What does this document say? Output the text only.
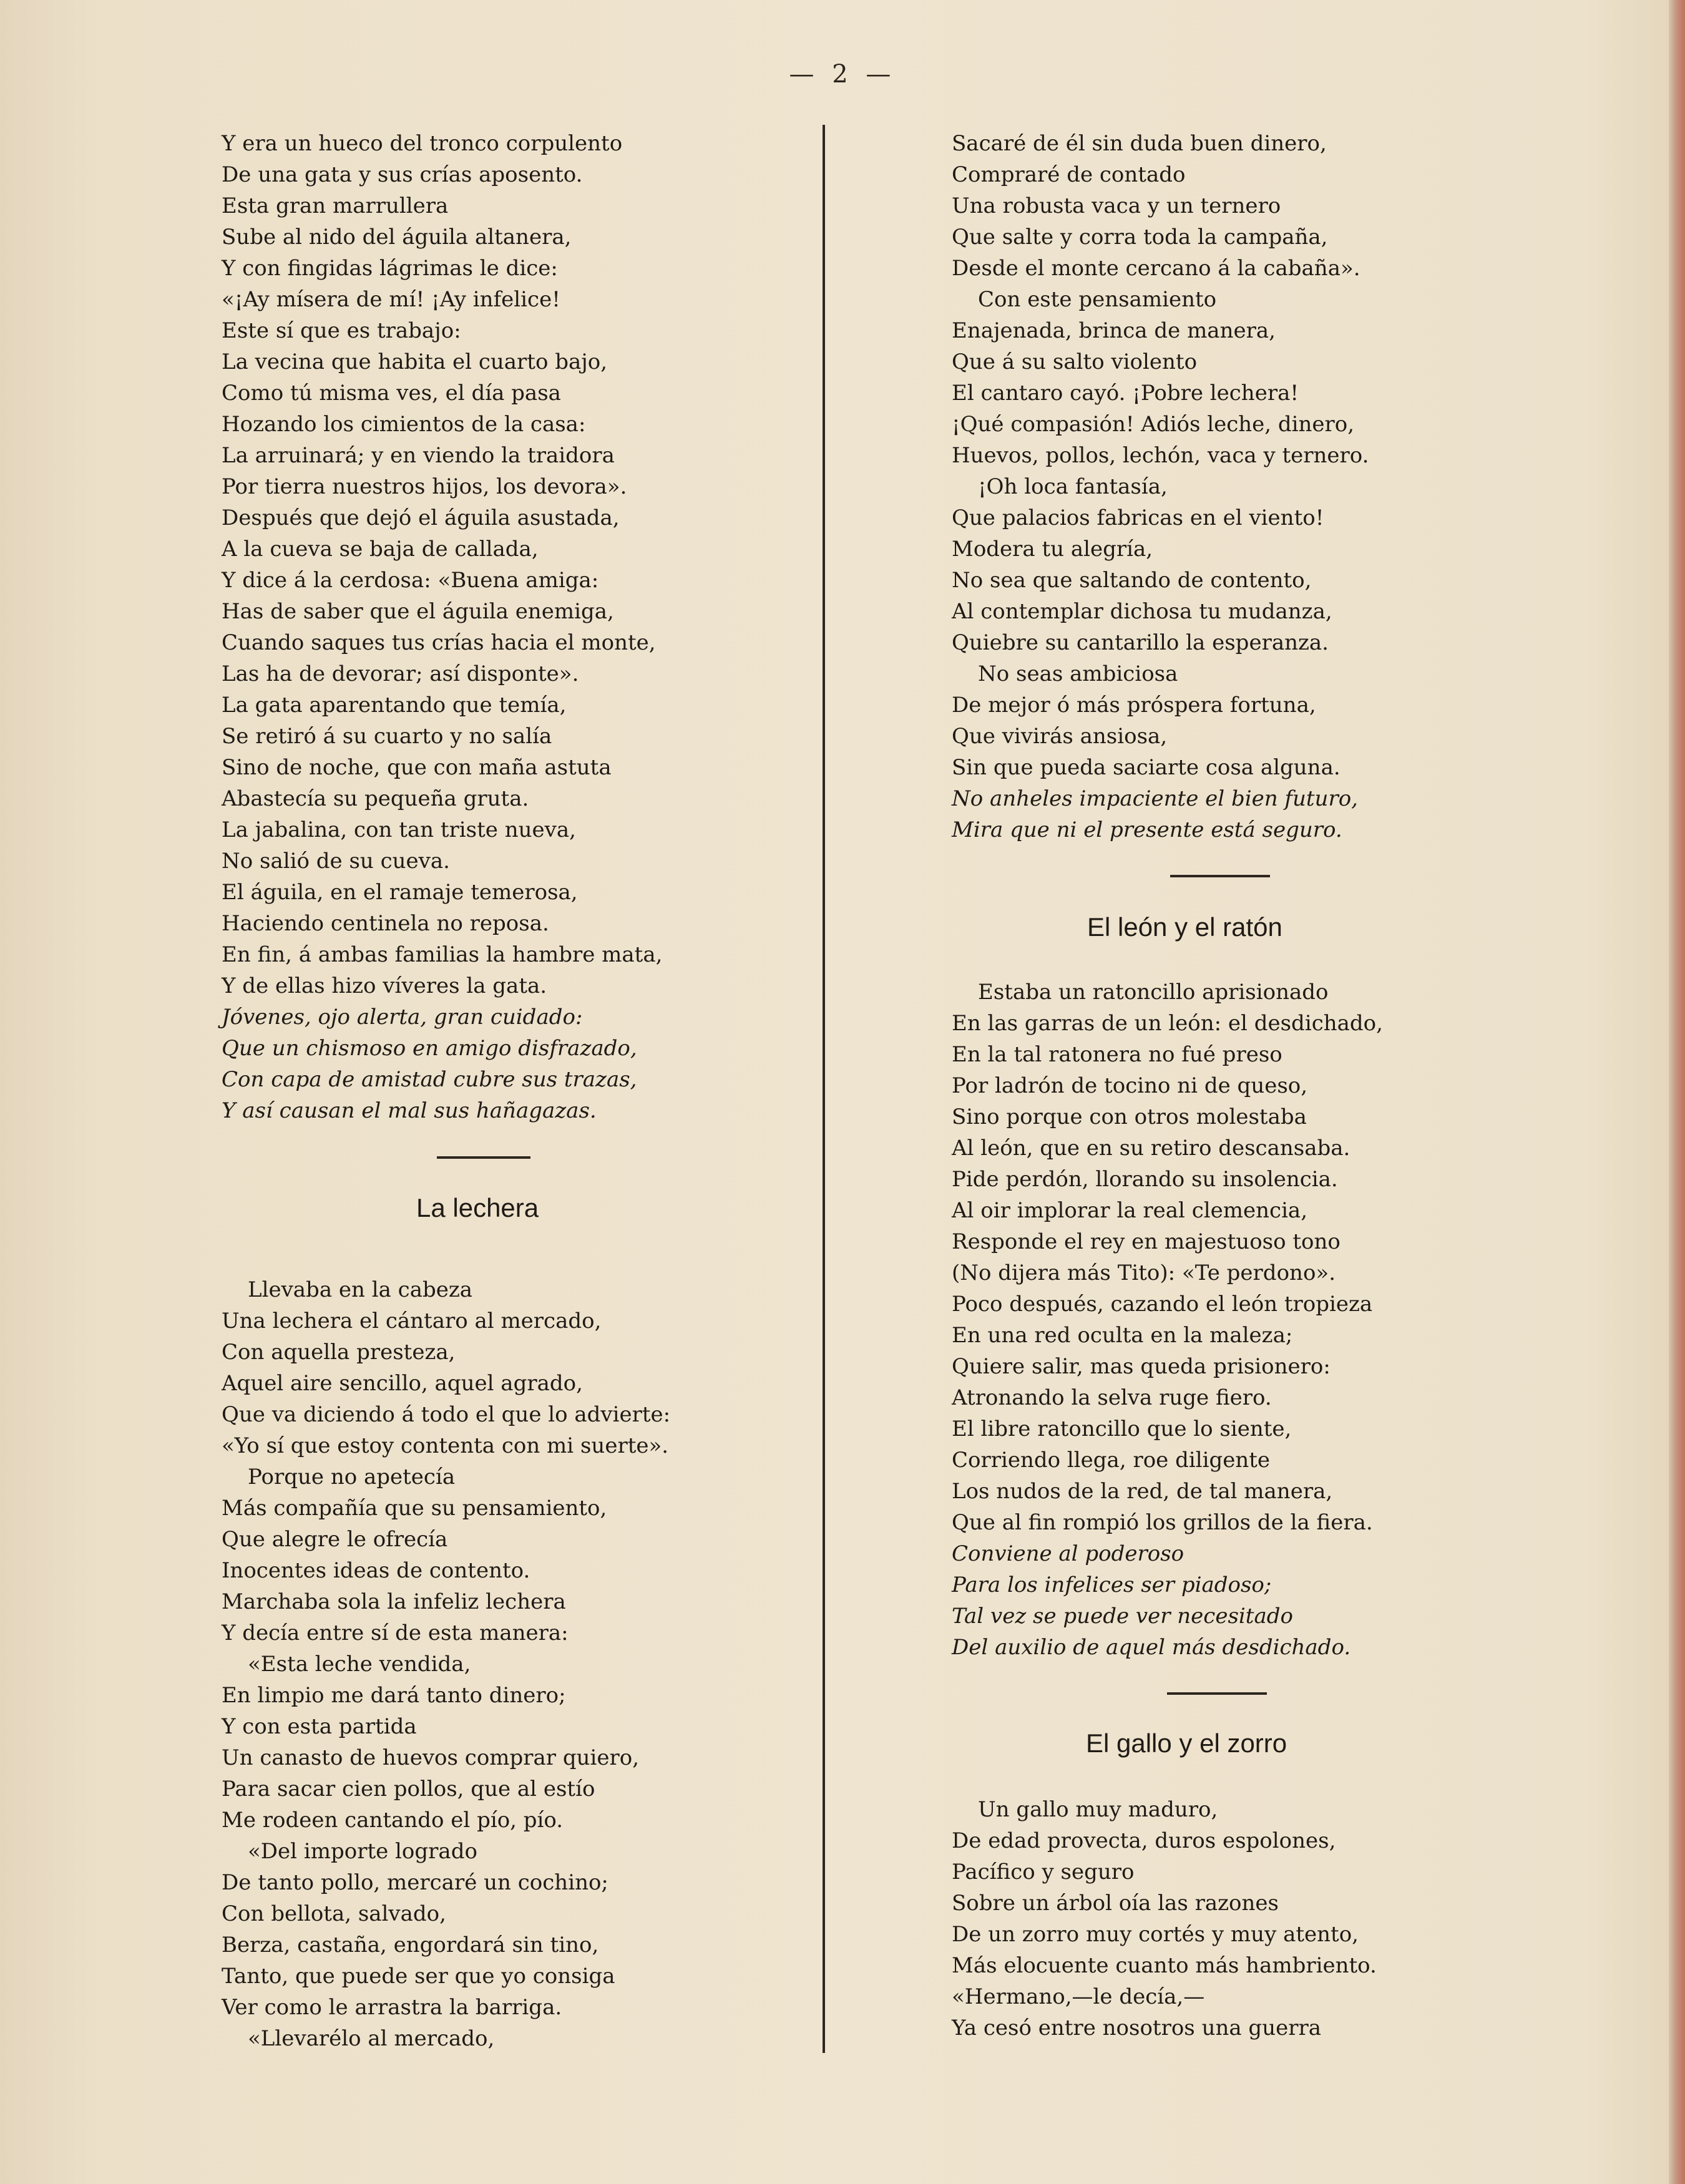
— 2 —
Y era un hueco del tronco corpulento
De una gata y sus crías aposento.
Esta gran marrullera
Sube al nido del águila altanera,
Y con fingidas lágrimas le dice:
«¡Ay mísera de mí! ¡Ay infelice!
Este sí que es trabajo:
La vecina que habita el cuarto bajo,
Como tú misma ves, el día pasa
Hozando los cimientos de la casa:
La arruinará; y en viendo la traidora
Por tierra nuestros hijos, los devora».
Después que dejó el águila asustada,
A la cueva se baja de callada,
Y dice á la cerdosa: «Buena amiga:
Has de saber que el águila enemiga,
Cuando saques tus crías hacia el monte,
Las ha de devorar; así disponte».
La gata aparentando que temía,
Se retiró á su cuarto y no salía
Sino de noche, que con maña astuta
Abastecía su pequeña gruta.
La jabalina, con tan triste nueva,
No salió de su cueva.
El águila, en el ramaje temerosa,
Haciendo centinela no reposa.
En fin, á ambas familias la hambre mata,
Y de ellas hizo víveres la gata.
Jóvenes, ojo alerta, gran cuidado:
Que un chismoso en amigo disfrazado,
Con capa de amistad cubre sus trazas,
Y así causan el mal sus hañagazas.
La lechera
Llevaba en la cabeza
Una lechera el cántaro al mercado,
Con aquella presteza,
Aquel aire sencillo, aquel agrado,
Que va diciendo á todo el que lo advierte:
«Yo sí que estoy contenta con mi suerte».
Porque no apetecía
Más compañía que su pensamiento,
Que alegre le ofrecía
Inocentes ideas de contento.
Marchaba sola la infeliz lechera
Y decía entre sí de esta manera:
«Esta leche vendida,
En limpio me dará tanto dinero;
Y con esta partida
Un canasto de huevos comprar quiero,
Para sacar cien pollos, que al estío
Me rodeen cantando el pío, pío.
«Del importe logrado
De tanto pollo, mercaré un cochino;
Con bellota, salvado,
Berza, castaña, engordará sin tino,
Tanto, que puede ser que yo consiga
Ver como le arrastra la barriga.
«Llevarélo al mercado,
Sacaré de él sin duda buen dinero,
Compraré de contado
Una robusta vaca y un ternero
Que salte y corra toda la campaña,
Desde el monte cercano á la cabaña».
Con este pensamiento
Enajenada, brinca de manera,
Que á su salto violento
El cantaro cayó. ¡Pobre lechera!
¡Qué compasión! Adiós leche, dinero,
Huevos, pollos, lechón, vaca y ternero.
¡Oh loca fantasía,
Que palacios fabricas en el viento!
Modera tu alegría,
No sea que saltando de contento,
Al contemplar dichosa tu mudanza,
Quiebre su cantarillo la esperanza.
No seas ambiciosa
De mejor ó más próspera fortuna,
Que vivirás ansiosa,
Sin que pueda saciarte cosa alguna.
No anheles impaciente el bien futuro,
Mira que ni el presente está seguro.
El león y el ratón
Estaba un ratoncillo aprisionado
En las garras de un león: el desdichado,
En la tal ratonera no fué preso
Por ladrón de tocino ni de queso,
Sino porque con otros molestaba
Al león, que en su retiro descansaba.
Pide perdón, llorando su insolencia.
Al oir implorar la real clemencia,
Responde el rey en majestuoso tono
(No dijera más Tito): «Te perdono».
Poco después, cazando el león tropieza
En una red oculta en la maleza;
Quiere salir, mas queda prisionero:
Atronando la selva ruge fiero.
El libre ratoncillo que lo siente,
Corriendo llega, roe diligente
Los nudos de la red, de tal manera,
Que al fin rompió los grillos de la fiera.
Conviene al poderoso
Para los infelices ser piadoso;
Tal vez se puede ver necesitado
Del auxilio de aquel más desdichado.
El gallo y el zorro
Un gallo muy maduro,
De edad provecta, duros espolones,
Pacífico y seguro
Sobre un árbol oía las razones
De un zorro muy cortés y muy atento,
Más elocuente cuanto más hambriento.
«Hermano,—le decía,—
Ya cesó entre nosotros una guerra
